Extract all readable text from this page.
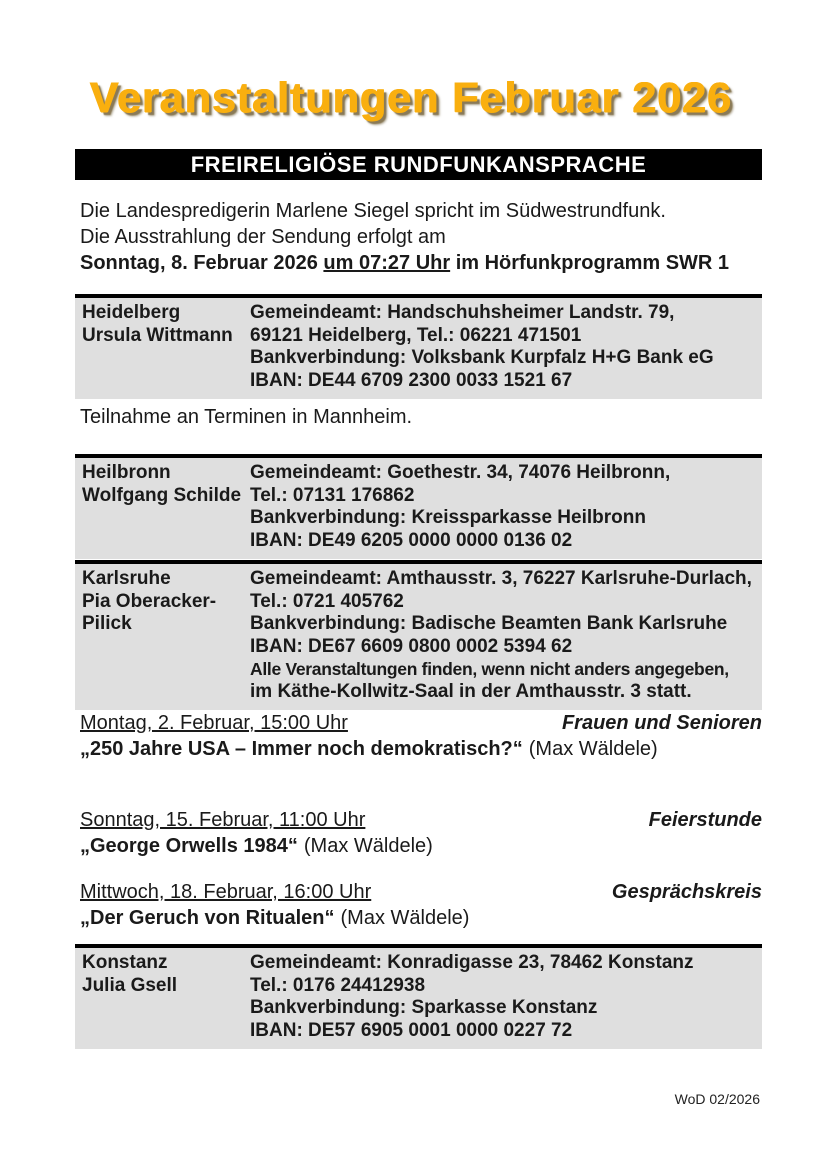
Veranstaltungen Februar 2026
FREIRELIGIÖSE RUNDFUNKANSPRACHE
Die Landespredigerin Marlene Siegel spricht im Südwestrundfunk.
Die Ausstrahlung der Sendung erfolgt am
Sonntag, 8. Februar 2026 um 07:27 Uhr im Hörfunkprogramm SWR 1
Heidelberg
Ursula Wittmann
Gemeindeamt: Handschuhsheimer Landstr. 79,
69121 Heidelberg, Tel.: 06221 471501
Bankverbindung: Volksbank Kurpfalz H+G Bank eG
IBAN: DE44 6709 2300 0033 1521 67
Teilnahme an Terminen in Mannheim.
Heilbronn
Wolfgang Schilde
Gemeindeamt: Goethestr. 34, 74076 Heilbronn,
Tel.: 07131 176862
Bankverbindung: Kreissparkasse Heilbronn
IBAN: DE49 6205 0000 0000 0136 02
Karlsruhe
Pia Oberacker-
Pilick
Gemeindeamt: Amthausstr. 3, 76227 Karlsruhe-Durlach,
Tel.: 0721 405762
Bankverbindung: Badische Beamten Bank Karlsruhe
IBAN: DE67 6609 0800 0002 5394 62
Alle Veranstaltungen finden, wenn nicht anders angegeben,
im Käthe-Kollwitz-Saal in der Amthausstr. 3 statt.
Montag, 2. Februar, 15:00 Uhr	Frauen und Senioren
„250 Jahre USA – Immer noch demokratisch?“ (Max Wäldele)
Sonntag, 15. Februar, 11:00 Uhr	Feierstunde
„George Orwells 1984“ (Max Wäldele)
Mittwoch, 18. Februar, 16:00 Uhr	Gesprächskreis
„Der Geruch von Ritualen“ (Max Wäldele)
Konstanz
Julia Gsell
Gemeindeamt: Konradigasse 23, 78462 Konstanz
Tel.: 0176 24412938
Bankverbindung: Sparkasse Konstanz
IBAN: DE57 6905 0001 0000 0227 72
WoD 02/2026
